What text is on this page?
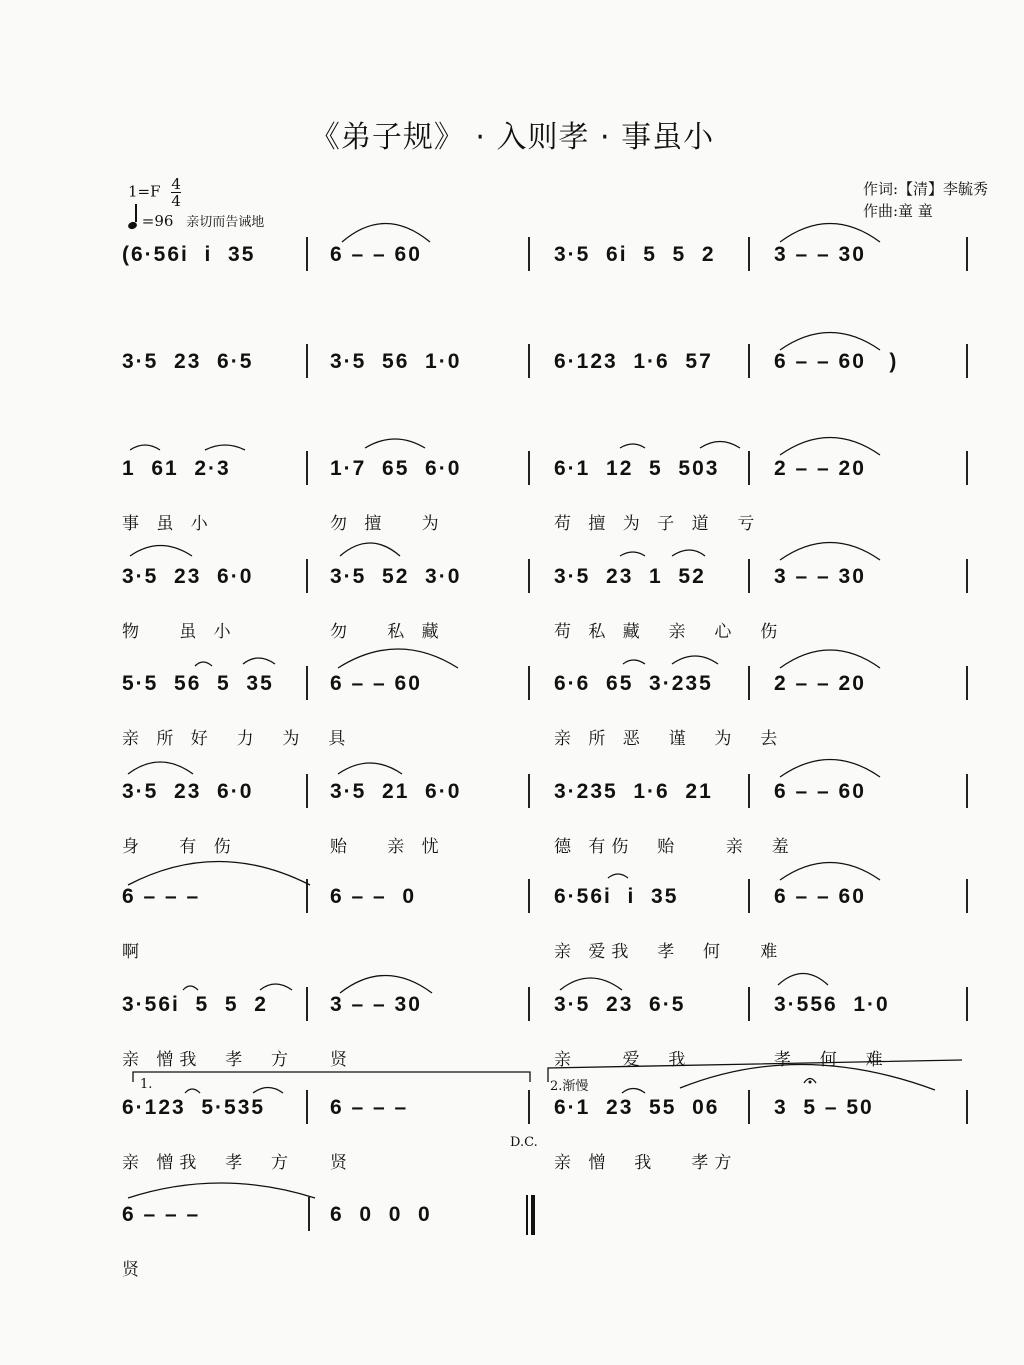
《弟子规》 · 入则孝 · 事虽小
$1=F \frac{4}{4}$
=96 亲切而告诫地
作词:【清】李毓秀
作曲:童 童
(6·56i  i  35	6 – – 60	3·5  6i  5  5  2	3 – – 30
3·5  23  6·5	3·5  56  1·0	6·123  1·6  57	6 – – 60   )
1  61  2·3	1·7  65  6·0	6·1  12  5  503	2 – – 20
事 虽 小	勿 擅   为	苟 擅 为 子 道  亏
3·5  23  6·0	3·5  52  3·0	3·5  23  1  52	3 – – 30
物   虽 小	勿   私 藏	苟 私 藏  亲  心  伤
5·5  56  5  35	6 – – 60	6·6  65  3·235	2 – – 20
亲 所 好  力  为  具	亲 所 恶  谨  为  去
3·5  23  6·0	3·5  21  6·0	3·235  1·6  21	6 – – 60
身   有 伤	贻   亲 忧	德 有伤  贻    亲  羞
6 – – –	6 – –  0	6·56i  i  35	6 – – 60
啊	亲 爱我  孝  何   难
3·56i  5  5  2	3 – – 30	3·5  23  6·5	3·556  1·0
亲 憎我  孝  方 贤	亲    爱  我	孝  何  难
6·123  5·535	6 – – –	6·1  23  55  06	3  5 – 50
亲 憎我  孝  方 贤	亲 憎  我   孝方
6 – – –	6  0  0  0
贤
1.	2.渐慢
D.C.
